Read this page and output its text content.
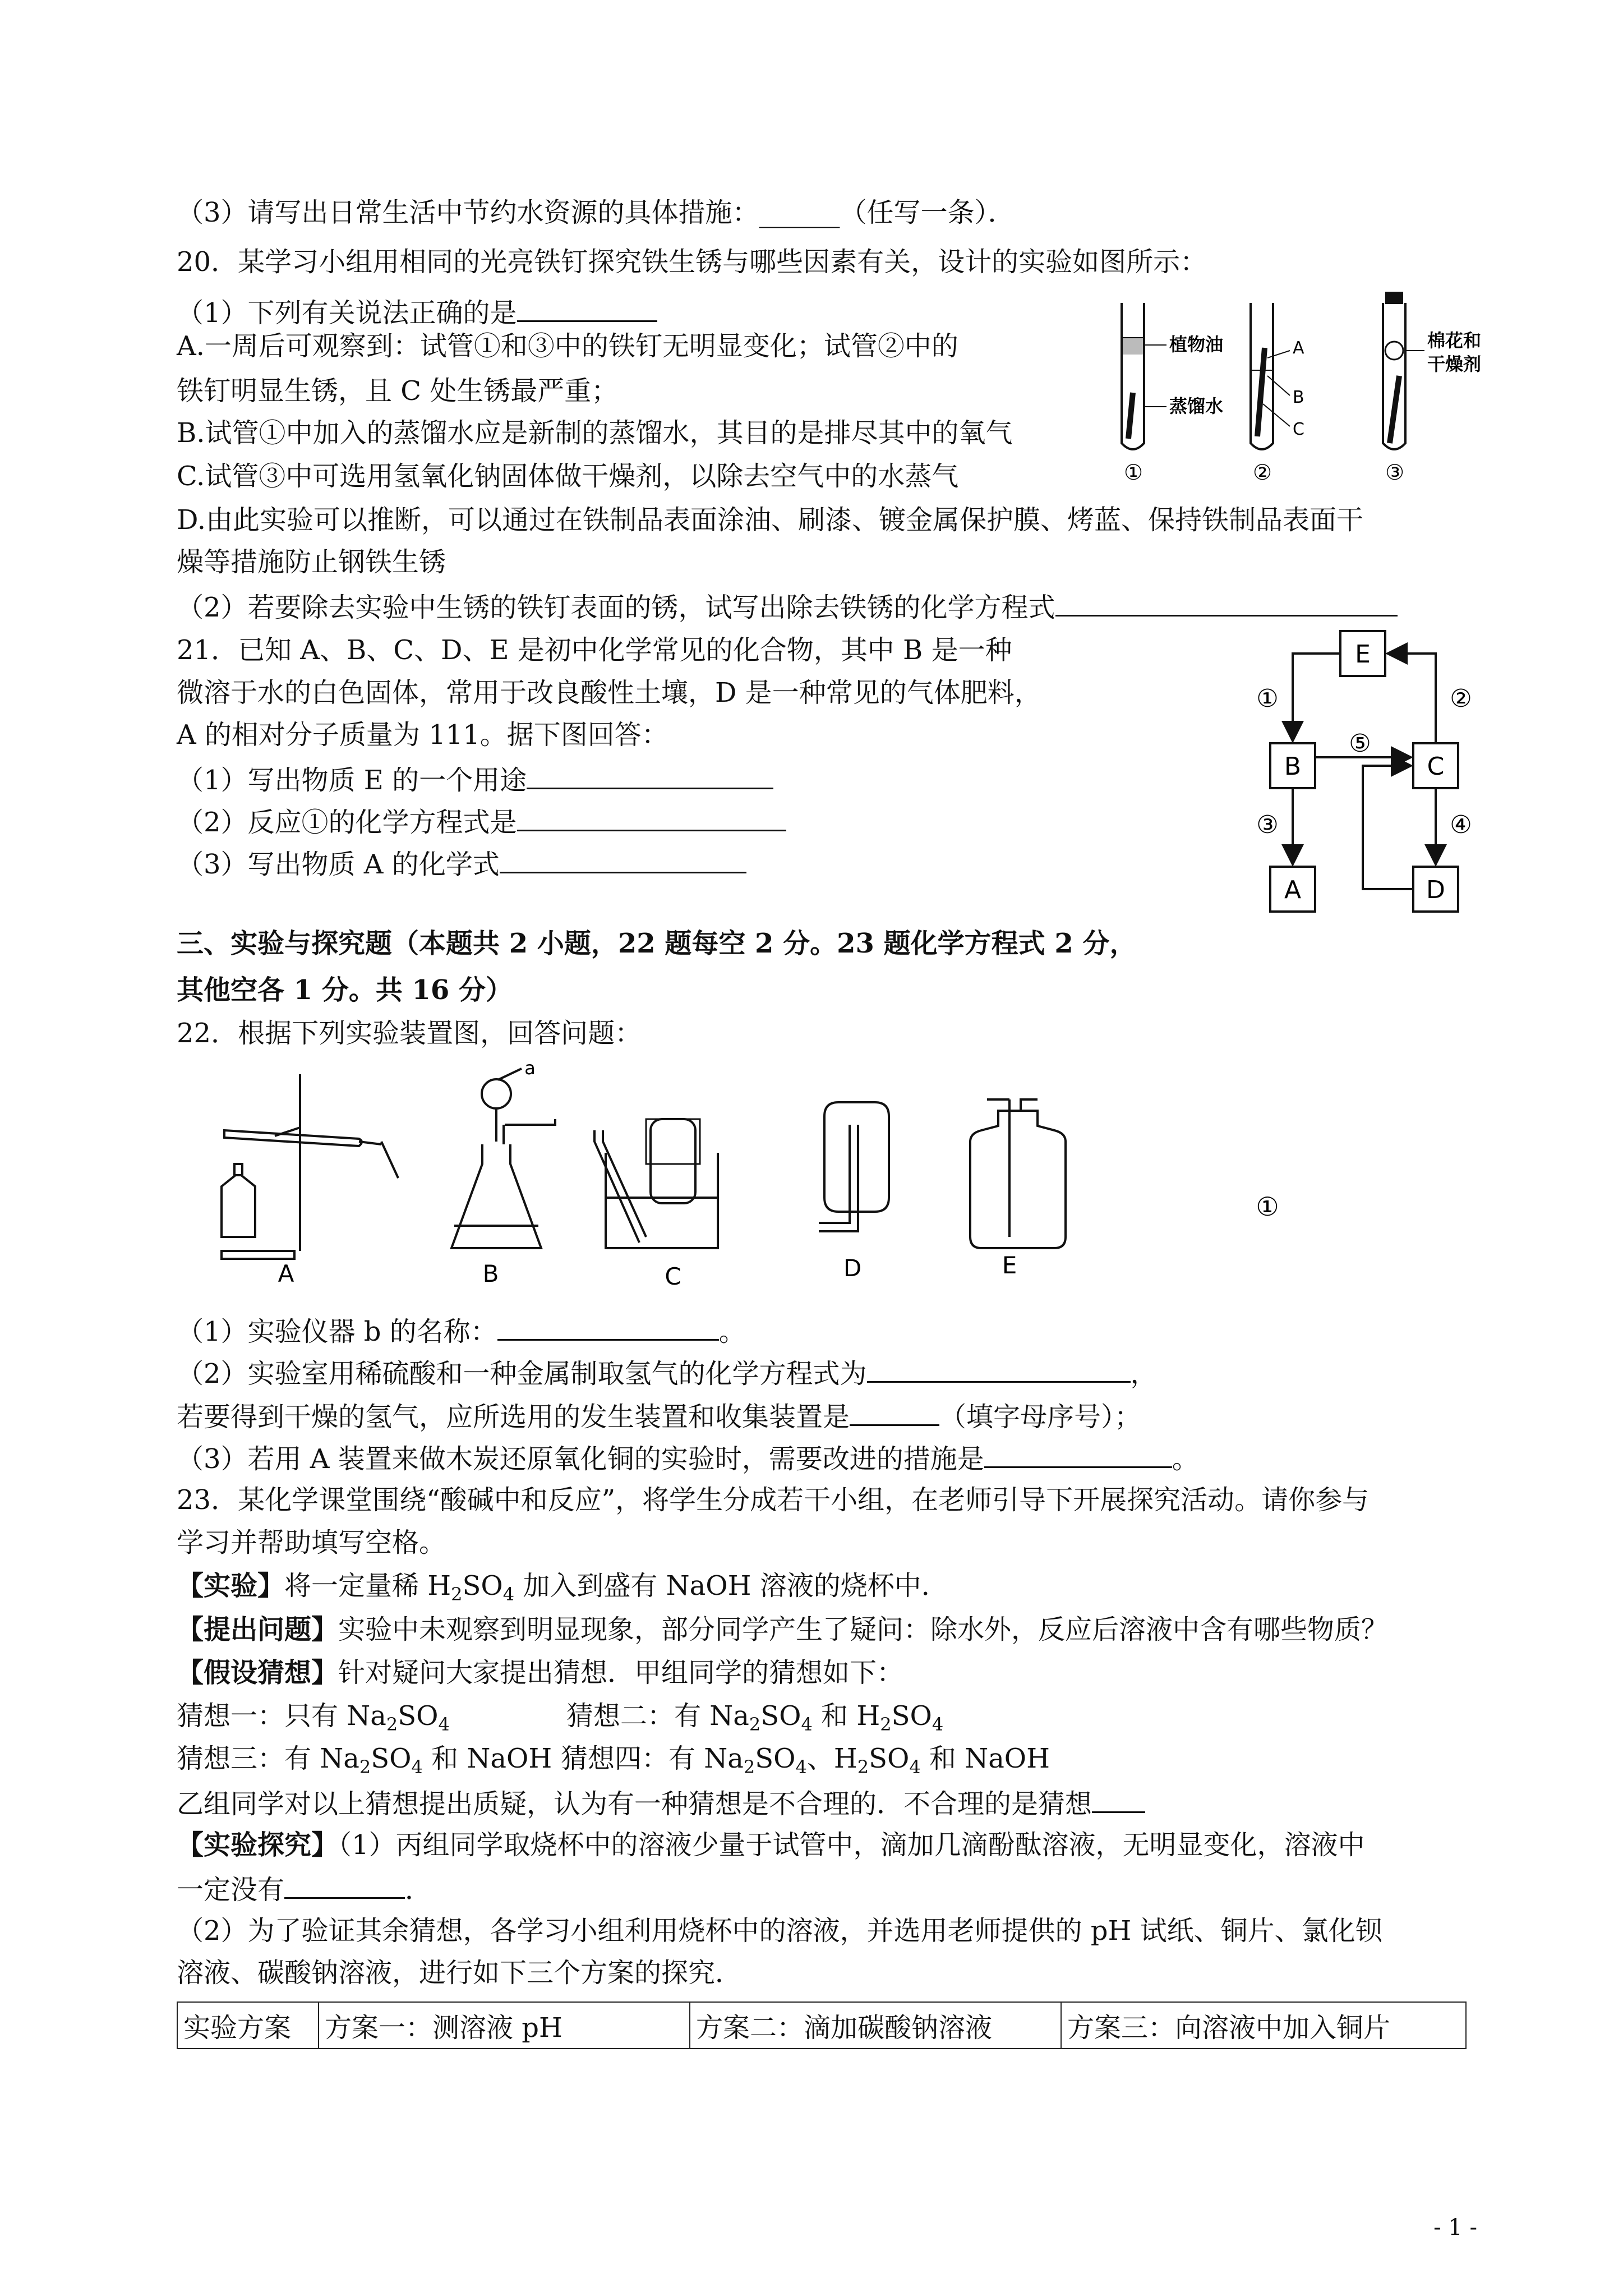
（3）请写出日常生活中节约水资源的具体措施：______（任写一条）．
20．某学习小组用相同的光亮铁钉探究铁生锈与哪些因素有关，设计的实验如图所示：
（1）下列有关说法正确的是
A.一周后可观察到：试管①和③中的铁钉无明显变化；试管②中的
铁钉明显生锈，且 C 处生锈最严重；
B.试管①中加入的蒸馏水应是新制的蒸馏水，其目的是排尽其中的氧气
C.试管③中可选用氢氧化钠固体做干燥剂，以除去空气中的水蒸气
D.由此实验可以推断，可以通过在铁制品表面涂油、刷漆、镀金属保护膜、烤蓝、保持铁制品表面干
燥等措施防止钢铁生锈
（2）若要除去实验中生锈的铁钉表面的锈，试写出除去铁锈的化学方程式
植物油
蒸馏水
①
A
B
C
②
棉花和
干燥剂
③
21．已知 A、B、C、D、E 是初中化学常见的化合物，其中 B 是一种
微溶于水的白色固体，常用于改良酸性土壤，D 是一种常见的气体肥料，
A 的相对分子质量为 111。据下图回答：
（1）写出物质 E 的一个用途
（2）反应①的化学方程式是
（3）写出物质 A 的化学式
E
B	C
A	D
①	②
③	④
⑤
三、实验与探究题（本题共 2 小题，22 题每空 2 分。23 题化学方程式 2 分，
其他空各 1 分。共 16 分）
22．根据下列实验装置图，回答问题：
A	B	C	D	E
a
①
（1）实验仪器 b 的名称：	。
（2）实验室用稀硫酸和一种金属制取氢气的化学方程式为	，
若要得到干燥的氢气，应所选用的发生装置和收集装置是	（填字母序号）；
（3）若用 A 装置来做木炭还原氧化铜的实验时，需要改进的措施是	。
23．某化学课堂围绕“酸碱中和反应”，将学生分成若干小组，在老师引导下开展探究活动。请你参与
学习并帮助填写空格。
【实验】将一定量稀 $H_2SO_4$ 加入到盛有 NaOH 溶液的烧杯中．
【提出问题】实验中未观察到明显现象，部分同学产生了疑问：除水外，反应后溶液中含有哪些物质？
【假设猜想】针对疑问大家提出猜想．甲组同学的猜想如下：
猜想一：只有 $Na_2SO_4$	猜想二：有 $Na_2SO_4$ 和 $H_2SO_4$
猜想三：有 $Na_2SO_4$ 和 NaOH 猜想四：有 $Na_2SO_4$、$H_2SO_4$ 和 NaOH
乙组同学对以上猜想提出质疑，认为有一种猜想是不合理的．不合理的是猜想
【实验探究】（1）丙组同学取烧杯中的溶液少量于试管中，滴加几滴酚酞溶液，无明显变化，溶液中
一定没有	．
（2）为了验证其余猜想，各学习小组利用烧杯中的溶液，并选用老师提供的 pH 试纸、铜片、氯化钡
溶液、碳酸钠溶液，进行如下三个方案的探究．
实验方案	方案一：测溶液 pH	方案二：滴加碳酸钠溶液	方案三：向溶液中加入铜片
- 1 -
